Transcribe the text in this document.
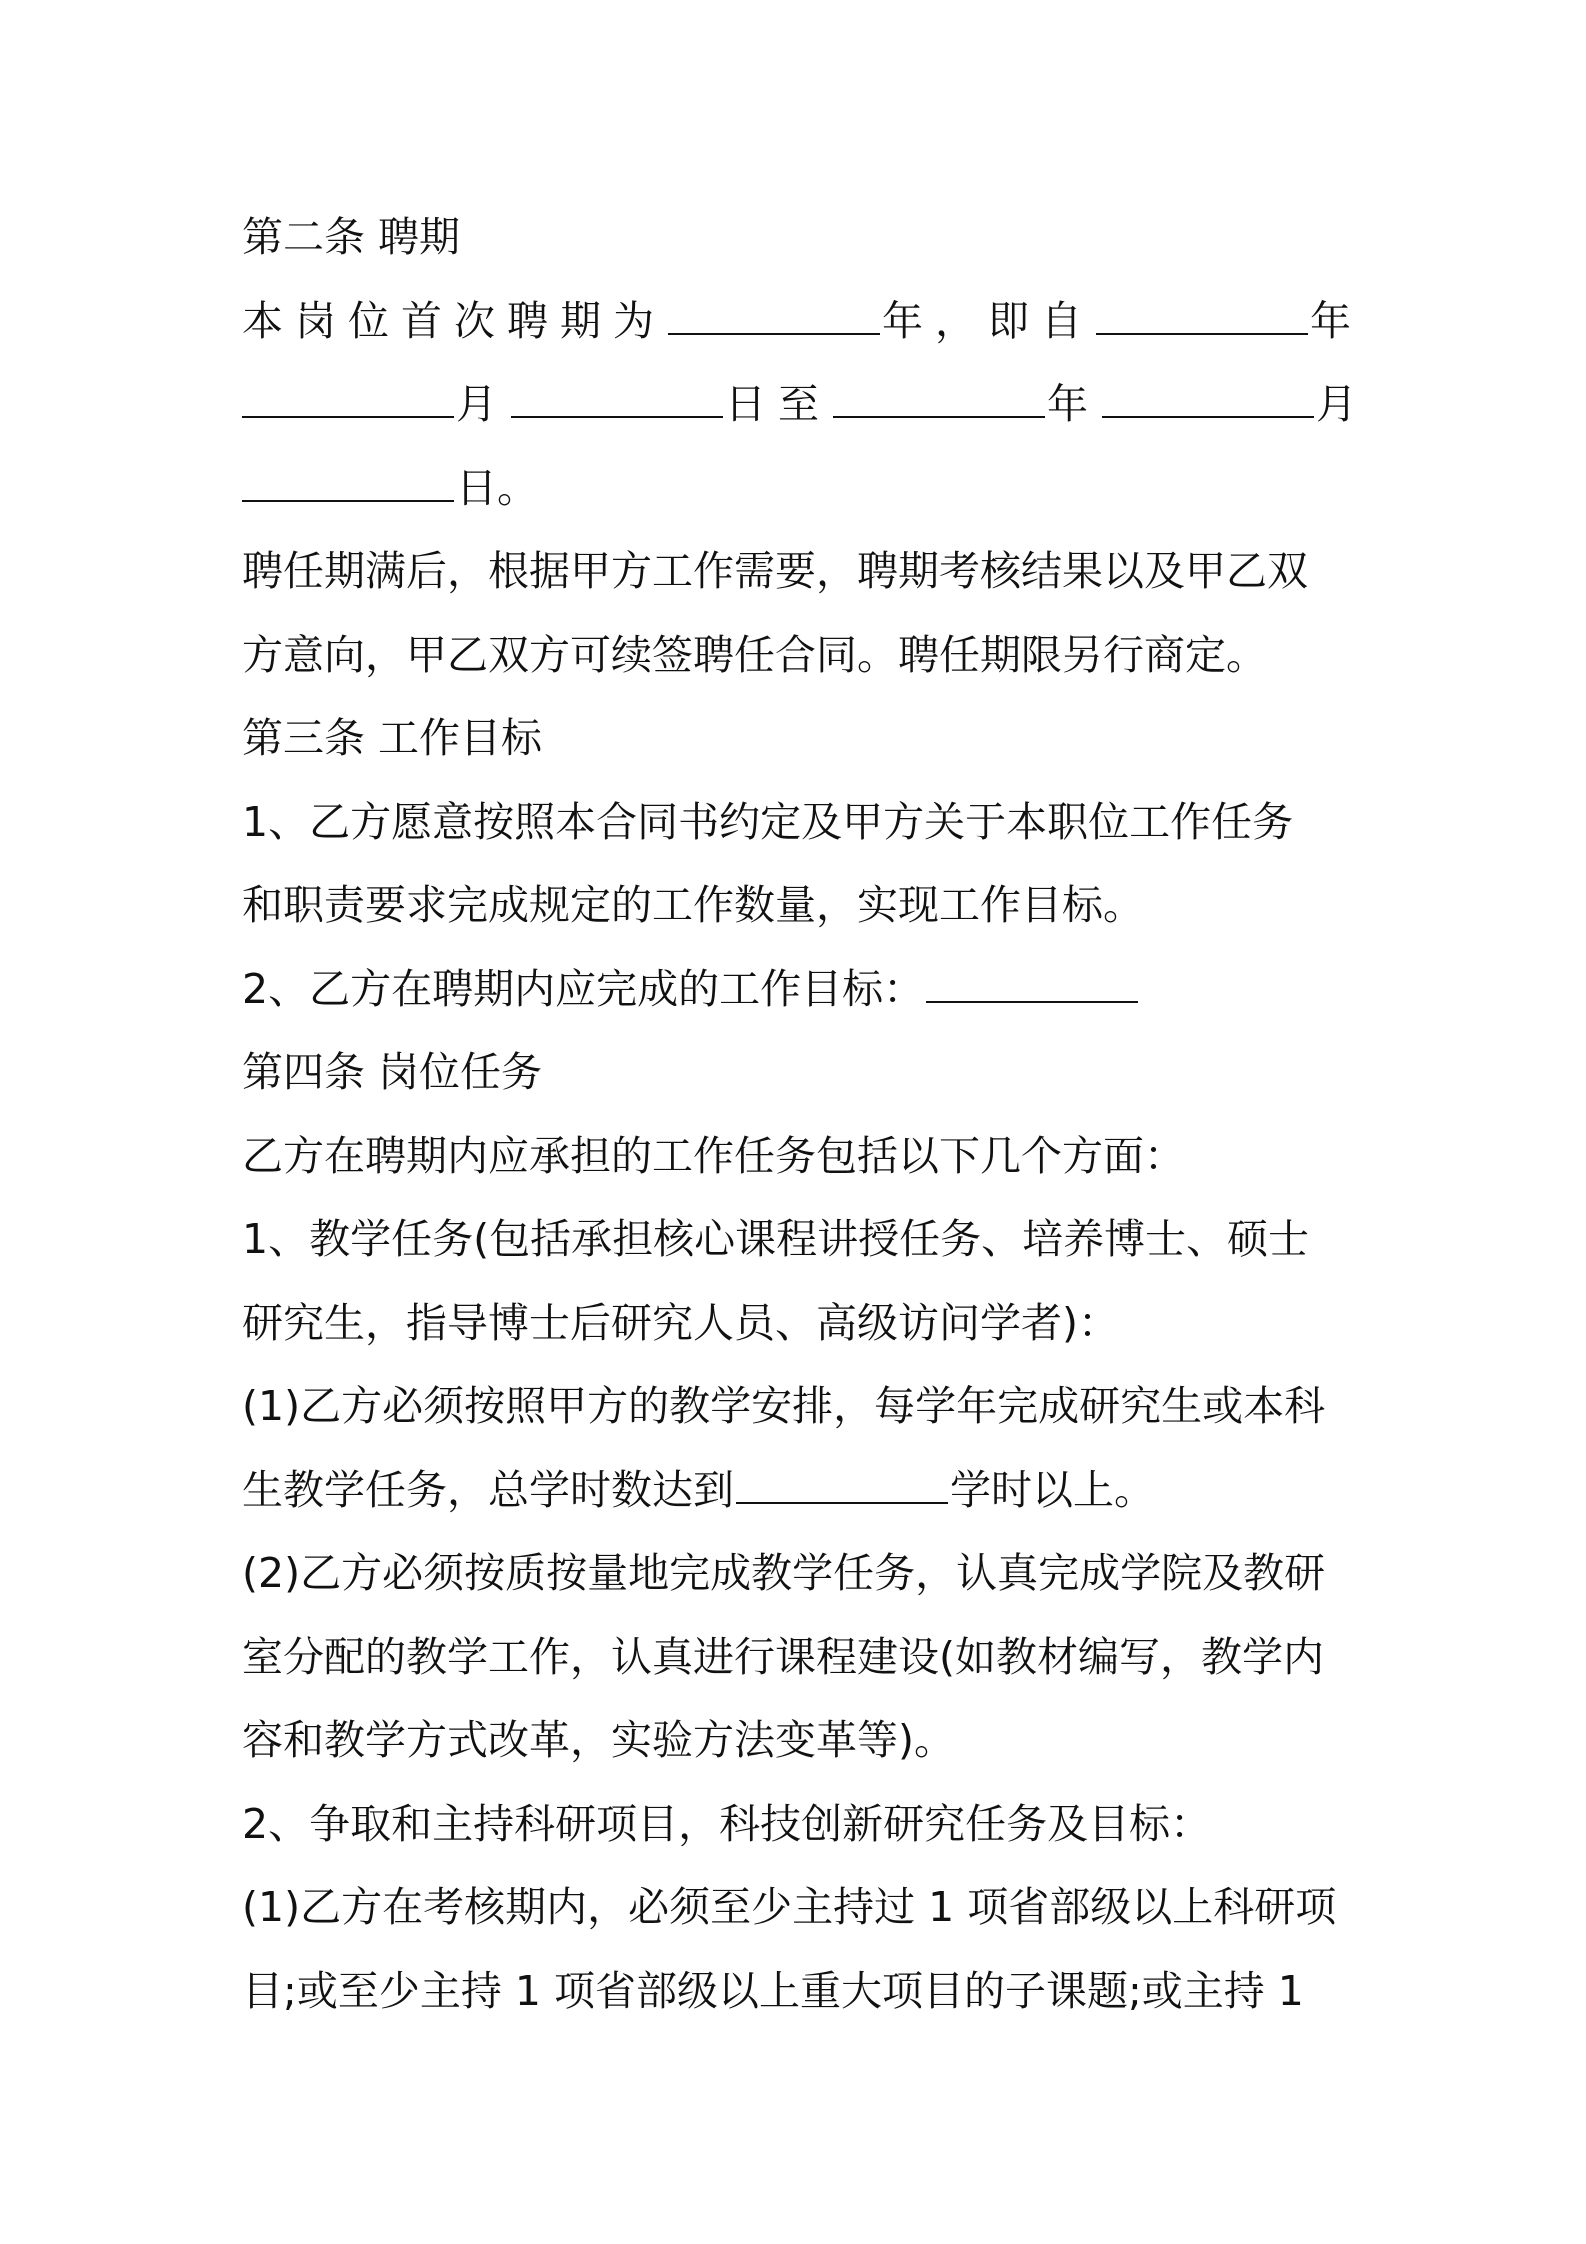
第二条 聘期

本岗位首次聘期为	年，即自	年

月	日至	年	月

日。

聘任期满后，根据甲方工作需要，聘期考核结果以及甲乙双

方意向，甲乙双方可续签聘任合同。聘任期限另行商定。

第三条 工作目标

1、乙方愿意按照本合同书约定及甲方关于本职位工作任务

和职责要求完成规定的工作数量，实现工作目标。

2、乙方在聘期内应完成的工作目标：

第四条 岗位任务

乙方在聘期内应承担的工作任务包括以下几个方面：

1、教学任务(包括承担核心课程讲授任务、培养博士、硕士

研究生，指导博士后研究人员、高级访问学者)：

(1)乙方必须按照甲方的教学安排，每学年完成研究生或本科

生教学任务，总学时数达到	学时以上。

(2)乙方必须按质按量地完成教学任务，认真完成学院及教研

室分配的教学工作，认真进行课程建设(如教材编写，教学内

容和教学方式改革，实验方法变革等)。

2、争取和主持科研项目，科技创新研究任务及目标：

(1)乙方在考核期内，必须至少主持过 1 项省部级以上科研项

目;或至少主持 1 项省部级以上重大项目的子课题;或主持 1
